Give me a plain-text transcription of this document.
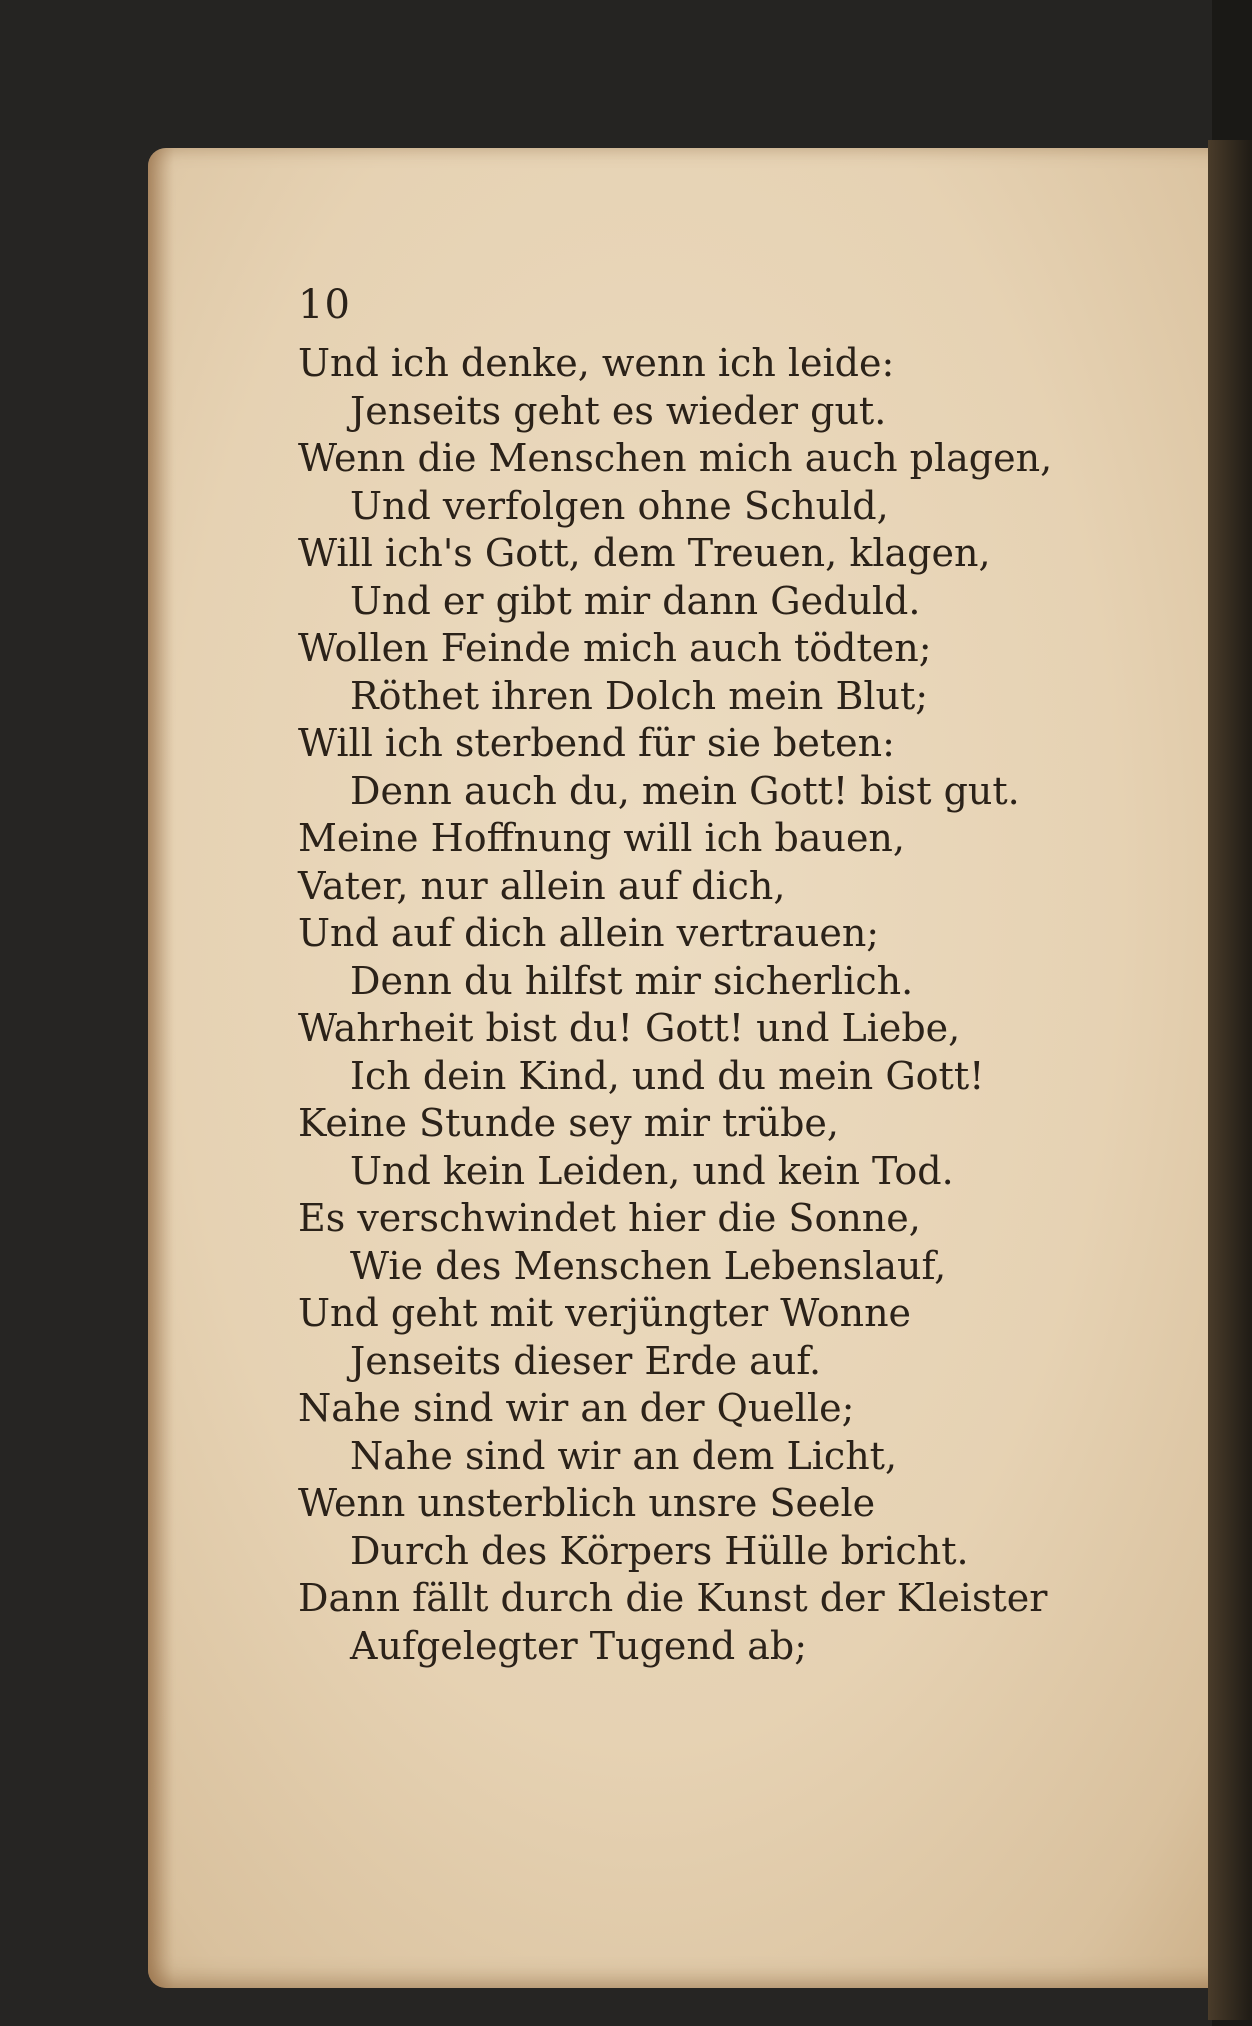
10
Und ich denke, wenn ich leide:
Jenseits geht es wieder gut.
Wenn die Menschen mich auch plagen,
Und verfolgen ohne Schuld,
Will ich's Gott, dem Treuen, klagen,
Und er gibt mir dann Geduld.
Wollen Feinde mich auch tödten;
Röthet ihren Dolch mein Blut;
Will ich sterbend für sie beten:
Denn auch du, mein Gott! bist gut.
Meine Hoffnung will ich bauen,
Vater, nur allein auf dich,
Und auf dich allein vertrauen;
Denn du hilfst mir sicherlich.
Wahrheit bist du! Gott! und Liebe,
Ich dein Kind, und du mein Gott!
Keine Stunde sey mir trübe,
Und kein Leiden, und kein Tod.
Es verschwindet hier die Sonne,
Wie des Menschen Lebenslauf,
Und geht mit verjüngter Wonne
Jenseits dieser Erde auf.
Nahe sind wir an der Quelle;
Nahe sind wir an dem Licht,
Wenn unsterblich unsre Seele
Durch des Körpers Hülle bricht.
Dann fällt durch die Kunst der Kleister
Aufgelegter Tugend ab;
